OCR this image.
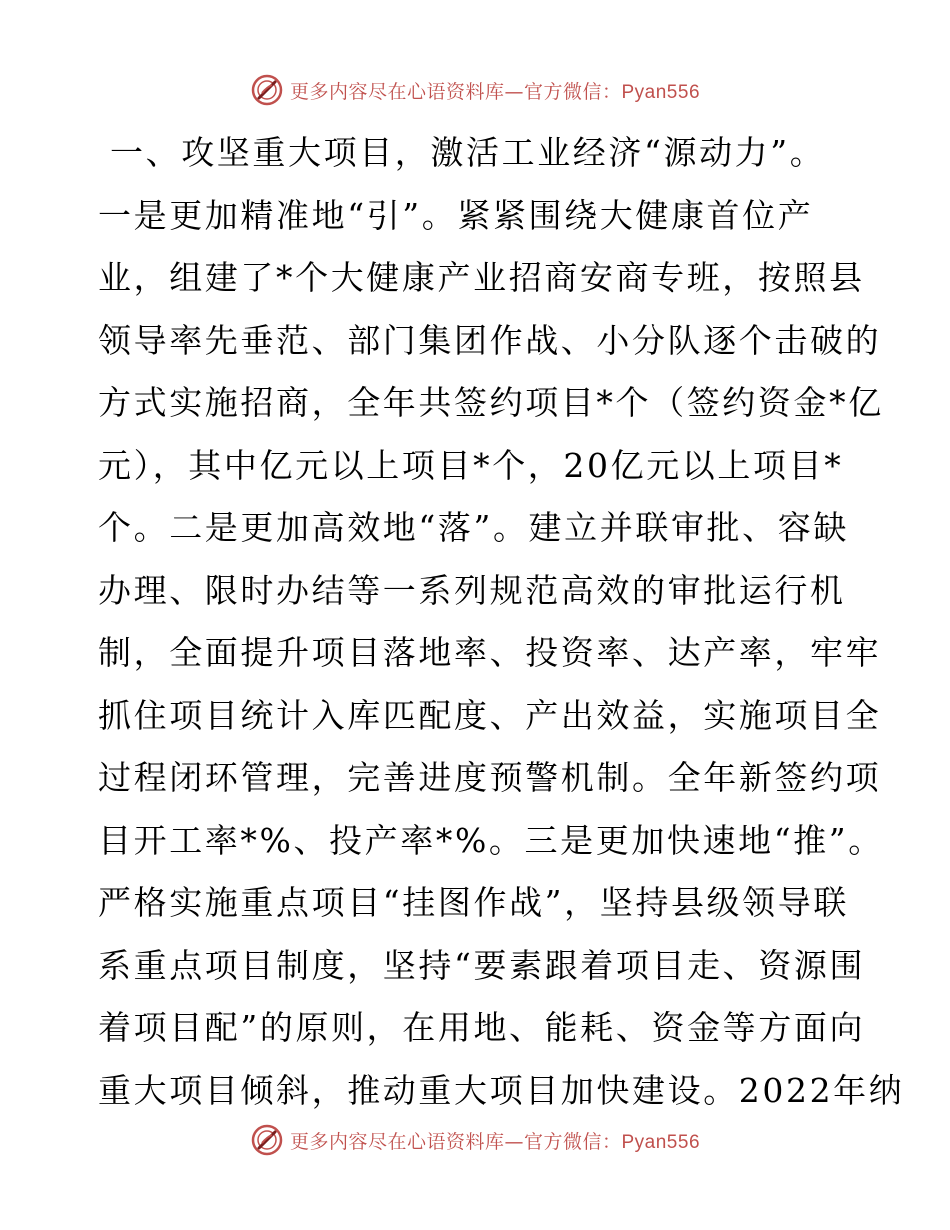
更多内容尽在心语资料库—官方微信：Pyan556
一、攻坚重大项目，激活工业经济“源动力”。
一是更加精准地“引”。紧紧围绕大健康首位产
业，组建了*个大健康产业招商安商专班，按照县
领导率先垂范、部门集团作战、小分队逐个击破的
方式实施招商，全年共签约项目*个（签约资金*亿
元），其中亿元以上项目*个，20亿元以上项目*
个。二是更加高效地“落”。建立并联审批、容缺
办理、限时办结等一系列规范高效的审批运行机
制，全面提升项目落地率、投资率、达产率，牢牢
抓住项目统计入库匹配度、产出效益，实施项目全
过程闭环管理，完善进度预警机制。全年新签约项
目开工率*%、投产率*%。三是更加快速地“推”。
严格实施重点项目“挂图作战”，坚持县级领导联
系重点项目制度，坚持“要素跟着项目走、资源围
着项目配”的原则，在用地、能耗、资金等方面向
重大项目倾斜，推动重大项目加快建设。2022年纳
更多内容尽在心语资料库—官方微信：Pyan556
